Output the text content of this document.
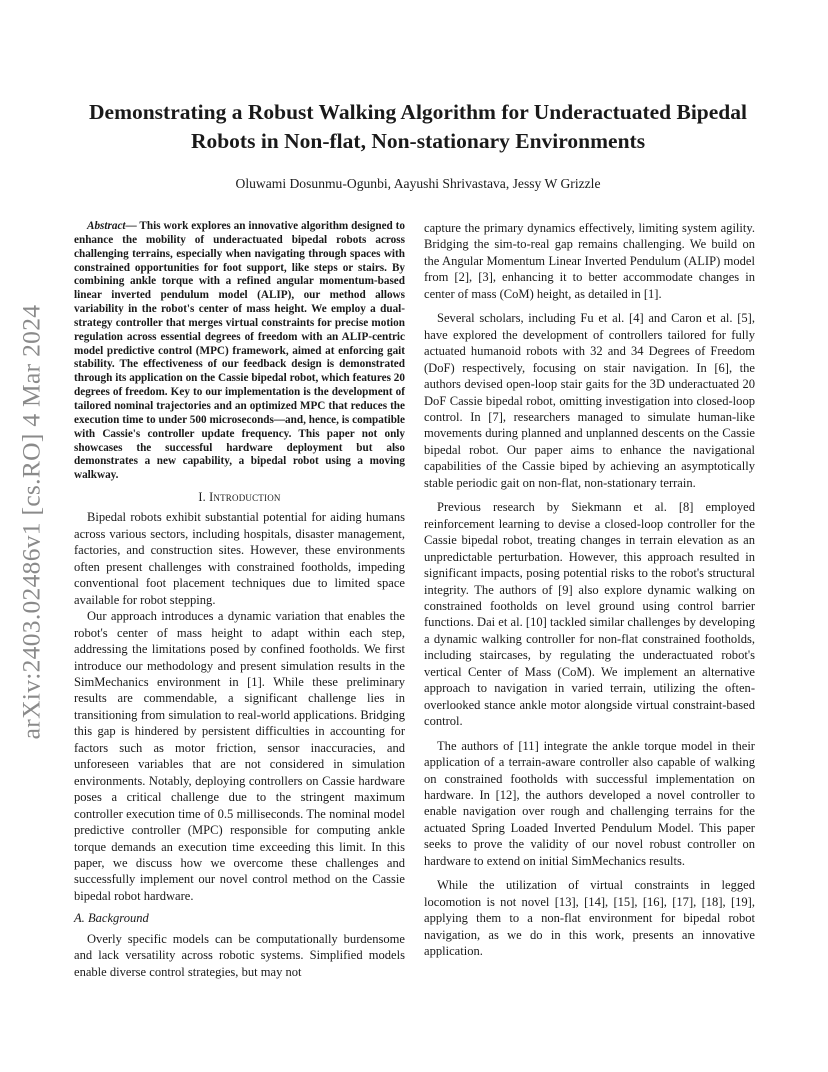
arXiv:2403.02486v1 [cs.RO] 4 Mar 2024
Demonstrating a Robust Walking Algorithm for Underactuated Bipedal
Robots in Non-flat, Non-stationary Environments

Oluwami Dosunmu-Ogunbi, Aayushi Shrivastava, Jessy W Grizzle

Abstract— This work explores an innovative algorithm designed to enhance the mobility of underactuated bipedal robots across challenging terrains, especially when navigating through spaces with constrained opportunities for foot support, like steps or stairs. By combining ankle torque with a refined angular momentum-based linear inverted pendulum model (ALIP), our method allows variability in the robot's center of mass height. We employ a dual-strategy controller that merges virtual constraints for precise motion regulation across essential degrees of freedom with an ALIP-centric model predictive control (MPC) framework, aimed at enforcing gait stability. The effectiveness of our feedback design is demonstrated through its application on the Cassie bipedal robot, which features 20 degrees of freedom. Key to our implementation is the development of tailored nominal trajectories and an optimized MPC that reduces the execution time to under 500 microseconds—and, hence, is compatible with Cassie's controller update frequency. This paper not only showcases the successful hardware deployment but also demonstrates a new capability, a bipedal robot using a moving walkway.

I. Introduction

Bipedal robots exhibit substantial potential for aiding humans across various sectors, including hospitals, disaster management, factories, and construction sites. However, these environments often present challenges with constrained footholds, impeding conventional foot placement techniques due to limited space available for robot stepping.

Our approach introduces a dynamic variation that enables the robot's center of mass height to adapt within each step, addressing the limitations posed by confined footholds. We first introduce our methodology and present simulation results in the SimMechanics environment in [1]. While these preliminary results are commendable, a significant challenge lies in transitioning from simulation to real-world applications. Bridging this gap is hindered by persistent difficulties in accounting for factors such as motor friction, sensor inaccuracies, and unforeseen variables that are not considered in simulation environments. Notably, deploying controllers on Cassie hardware poses a critical challenge due to the stringent maximum controller execution time of 0.5 milliseconds. The nominal model predictive controller (MPC) responsible for computing ankle torque demands an execution time exceeding this limit. In this paper, we discuss how we overcome these challenges and successfully implement our novel control method on the Cassie bipedal robot hardware.

A. Background

Overly specific models can be computationally burdensome and lack versatility across robotic systems. Simplified models enable diverse control strategies, but may not

capture the primary dynamics effectively, limiting system agility. Bridging the sim-to-real gap remains challenging. We build on the Angular Momentum Linear Inverted Pendulum (ALIP) model from [2], [3], enhancing it to better accommodate changes in center of mass (CoM) height, as detailed in [1].

Several scholars, including Fu et al. [4] and Caron et al. [5], have explored the development of controllers tailored for fully actuated humanoid robots with 32 and 34 Degrees of Freedom (DoF) respectively, focusing on stair navigation. In [6], the authors devised open-loop stair gaits for the 3D underactuated 20 DoF Cassie bipedal robot, omitting investigation into closed-loop control. In [7], researchers managed to simulate human-like movements during planned and unplanned descents on the Cassie bipedal robot. Our paper aims to enhance the navigational capabilities of the Cassie biped by achieving an asymptotically stable periodic gait on non-flat, non-stationary terrain.

Previous research by Siekmann et al. [8] employed reinforcement learning to devise a closed-loop controller for the Cassie bipedal robot, treating changes in terrain elevation as an unpredictable perturbation. However, this approach resulted in significant impacts, posing potential risks to the robot's structural integrity. The authors of [9] also explore dynamic walking on constrained footholds on level ground using control barrier functions. Dai et al. [10] tackled similar challenges by developing a dynamic walking controller for non-flat constrained footholds, including staircases, by regulating the underactuated robot's vertical Center of Mass (CoM). We implement an alternative approach to navigation in varied terrain, utilizing the often-overlooked stance ankle motor alongside virtual constraint-based control.

The authors of [11] integrate the ankle torque model in their application of a terrain-aware controller also capable of walking on constrained footholds with successful implementation on hardware. In [12], the authors developed a novel controller to enable navigation over rough and challenging terrains for the actuated Spring Loaded Inverted Pendulum Model. This paper seeks to prove the validity of our novel robust controller on hardware to extend on initial SimMechanics results.

While the utilization of virtual constraints in legged locomotion is not novel [13], [14], [15], [16], [17], [18], [19], applying them to a non-flat environment for bipedal robot navigation, as we do in this work, presents an innovative application.
